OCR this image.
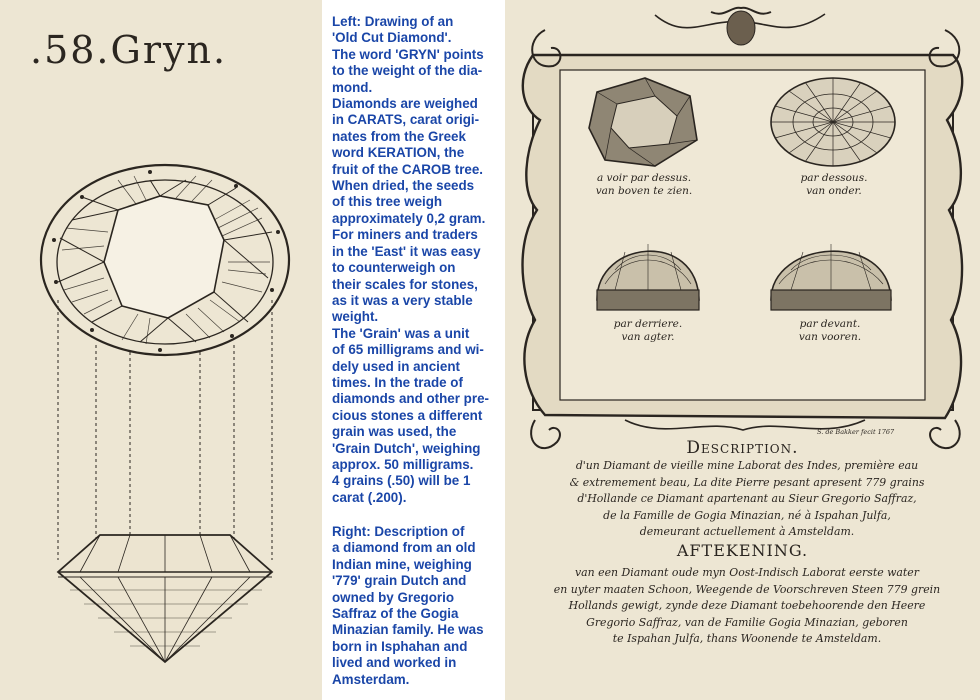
.58.Gryn.
Left: Drawing of an
'Old Cut Diamond'.
The word 'GRYN' points
to the weight of the dia-
mond.
Diamonds are weighed
in CARATS, carat origi-
nates from the Greek
word KERATION, the
fruit of the CAROB tree.
When dried, the seeds
of this tree weigh
approximately 0,2 gram.
For miners and traders
in the 'East' it was easy
to counterweigh on
their scales for stones,
as it was a very stable
weight.
The 'Grain' was a unit
of 65 milligrams and wi-
dely used in ancient
times. In the trade of
diamonds and other pre-
cious stones a different
grain was used, the
'Grain Dutch', weighing
approx. 50 milligrams.
4 grains (.50) will be 1
carat (.200).
Right: Description of
a diamond from an old
Indian mine, weighing
'779' grain Dutch and
owned by Gregorio
Saffraz of the Gogia
Minazian family. He was
born in Isphahan and
lived and worked in
Amsterdam.
a voir par dessus.
van boven te zien.
par dessous.
van onder.
par derriere.
van agter.
par devant.
van vooren.
S. de Bakker fecit 1767
Description.
d'un Diamant de vieille mine Laborat des Indes, première eau
& extremement beau, La dite Pierre pesant apresent 779 grains
d'Hollande ce Diamant apartenant au Sieur Gregorio Saffraz,
de la Famille de Gogia Minazian, né à Ispahan Julfa,
demeurant actuellement à Amsteldam.
AFTEKENING.
van een Diamant oude myn Oost-Indisch Laborat eerste water
en uyter maaten Schoon, Weegende de Voorschreven Steen 779 grein
Hollands gewigt, zynde deze Diamant toebehoorende den Heere
Gregorio Saffraz, van de Familie Gogia Minazian, geboren
te Ispahan Julfa, thans Woonende te Amsteldam.
